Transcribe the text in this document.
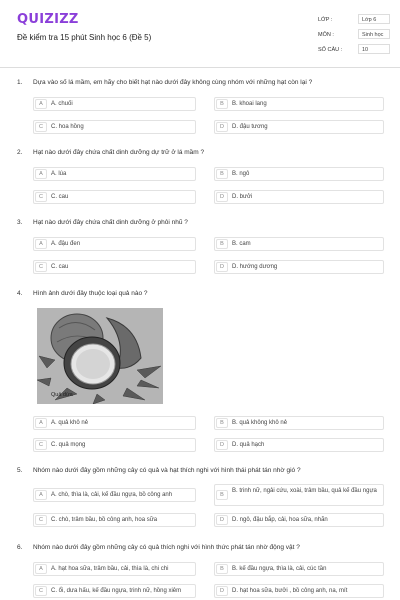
QUIZIZZ
Đề kiểm tra 15 phút Sinh học 6 (Đề 5)
LỚP :	Lớp 6
MÔN :	Sinh học
SỐ CÂU :	10
1. Dựa vào số lá mầm, em hãy cho biết hạt nào dưới đây không cùng nhóm với những hạt còn lại ?
A	A. chuối	B	B. khoai lang
C	C. hoa hồng	D	D. đậu tương
2. Hạt nào dưới đây chứa chất dinh dưỡng dự trữ ở lá mầm ?
A	A. lúa	B	B. ngô
C	C. cau	D	D. bưởi
3. Hạt nào dưới đây chứa chất dinh dưỡng ở phôi nhũ ?
A	A. đậu đen	B	B. cam
C	C. cau	D	D. hướng dương
4. Hình ảnh dưới đây thuộc loại quả nào ?
Quả dừa
A	A. quả khô nẻ	B	B. quả không khô nẻ
C	C. quả mọng	D	D. quả hạch
5. Nhóm nào dưới đây gồm những cây có quả và hạt thích nghi với hình thái phát tán nhờ gió ?
A	A. chò, thìa là, cải, kế đầu ngựa, bồ công anh	B
B. trinh nữ, ngải cứu, xoài, trâm bầu, quả kế đầu ngựa
C	C. chò, trâm bầu, bồ công anh, hoa sữa	D	D. ngô, đậu bắp, cải, hoa sữa, nhãn
6. Nhóm nào dưới đây gồm những cây có quả thích nghi với hình thức phát tán nhờ động vật ?
A	A. hạt hoa sữa, trâm bầu, cải, thìa là, chi chi	B	B. kế đầu ngựa, thìa là, cải, cúc tần
C	C. ổi, dưa hấu, kế đầu ngựa, trinh nữ, hồng xiêm	D	D. hạt hoa sữa, bưởi , bồ công anh, na, mít
